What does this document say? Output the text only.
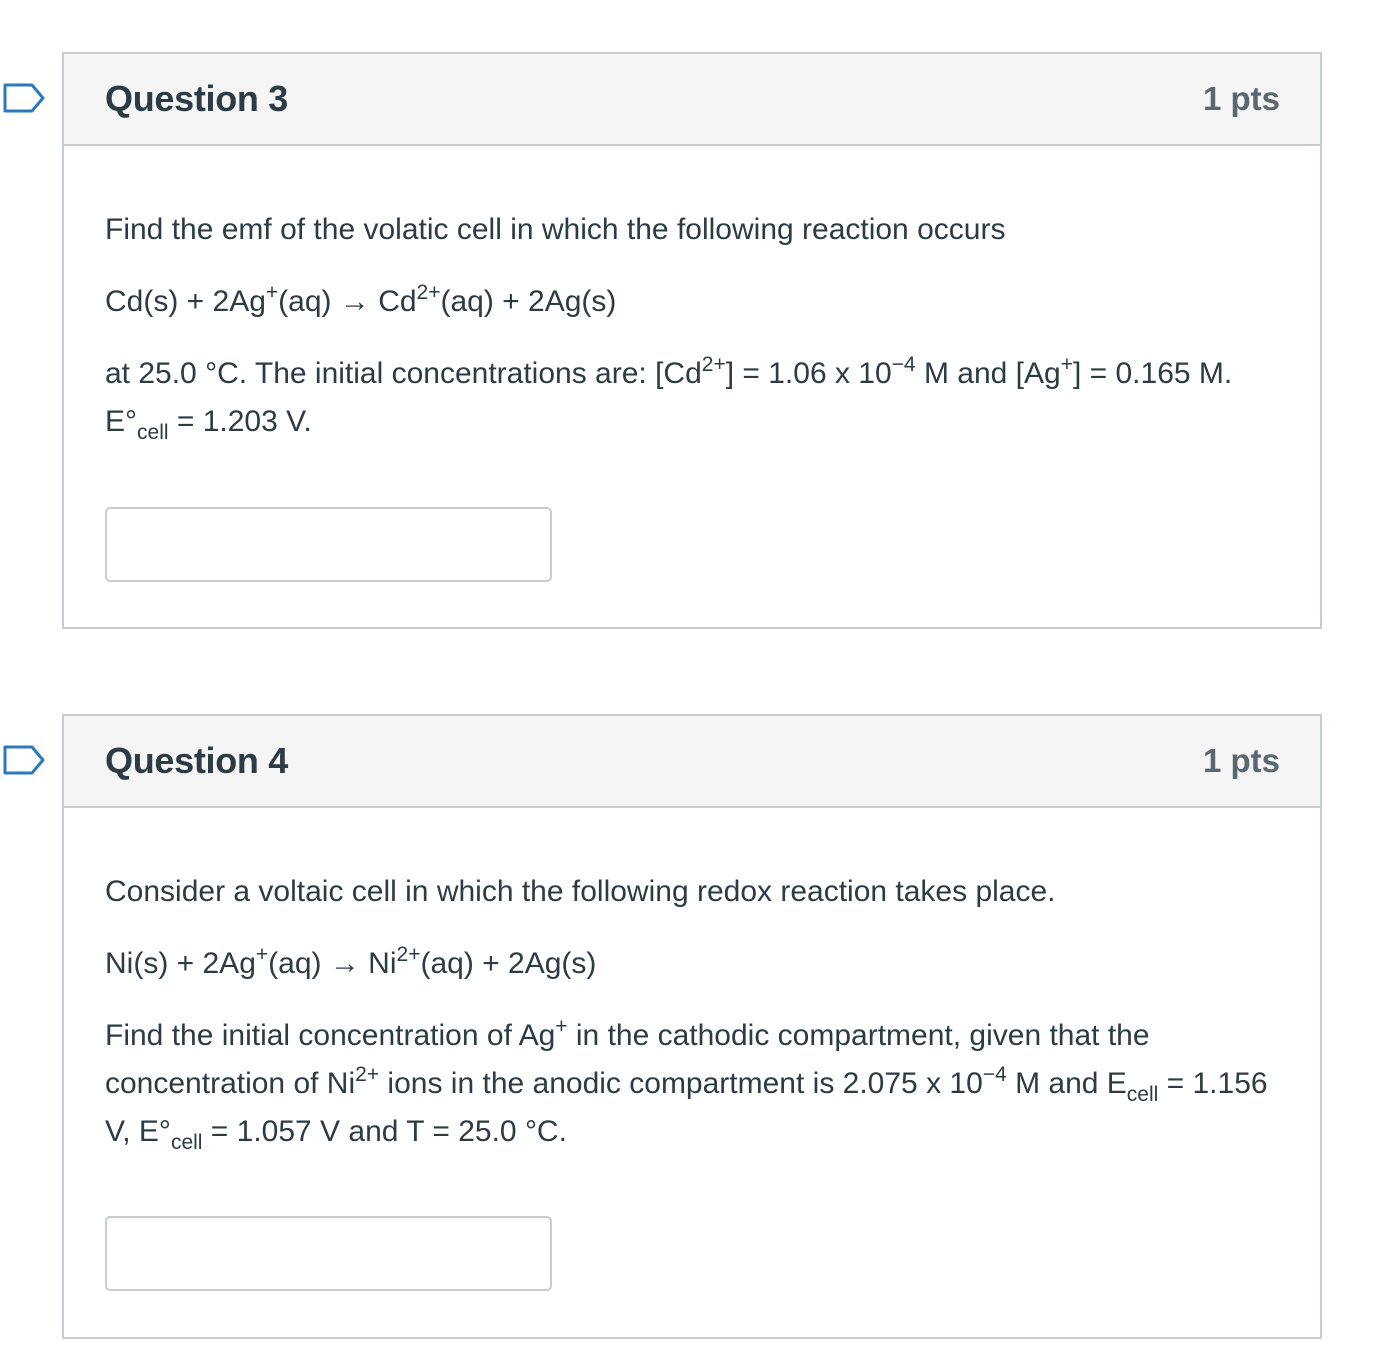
Question 3	1 pts

Find the emf of the volatic cell in which the following reaction occurs

$Cd(s) + 2Ag^+(aq) \to Cd^{2+}(aq) + 2Ag(s)$

at 25.0 °C. The initial concentrations are: $[Cd^{2+}] = 1.06$ x $10^{-4}$ M and [Ag+] = 0.165 M. $E^\circ_{cell} = 1.203$ V.

Question 4	1 pts

Consider a voltaic cell in which the following redox reaction takes place.

$Ni(s) + 2Ag^+(aq) \to Ni^{2+}(aq) + 2Ag(s)$

Find the initial concentration of Ag+ in the cathodic compartment, given that the concentration of $Ni^{2+}$ ions in the anodic compartment is 2.075 x $10^{-4}$ M and $E_{cell} = 1.156$ V, $E^\circ_{cell} = 1.057$ V and T = 25.0 °C.
